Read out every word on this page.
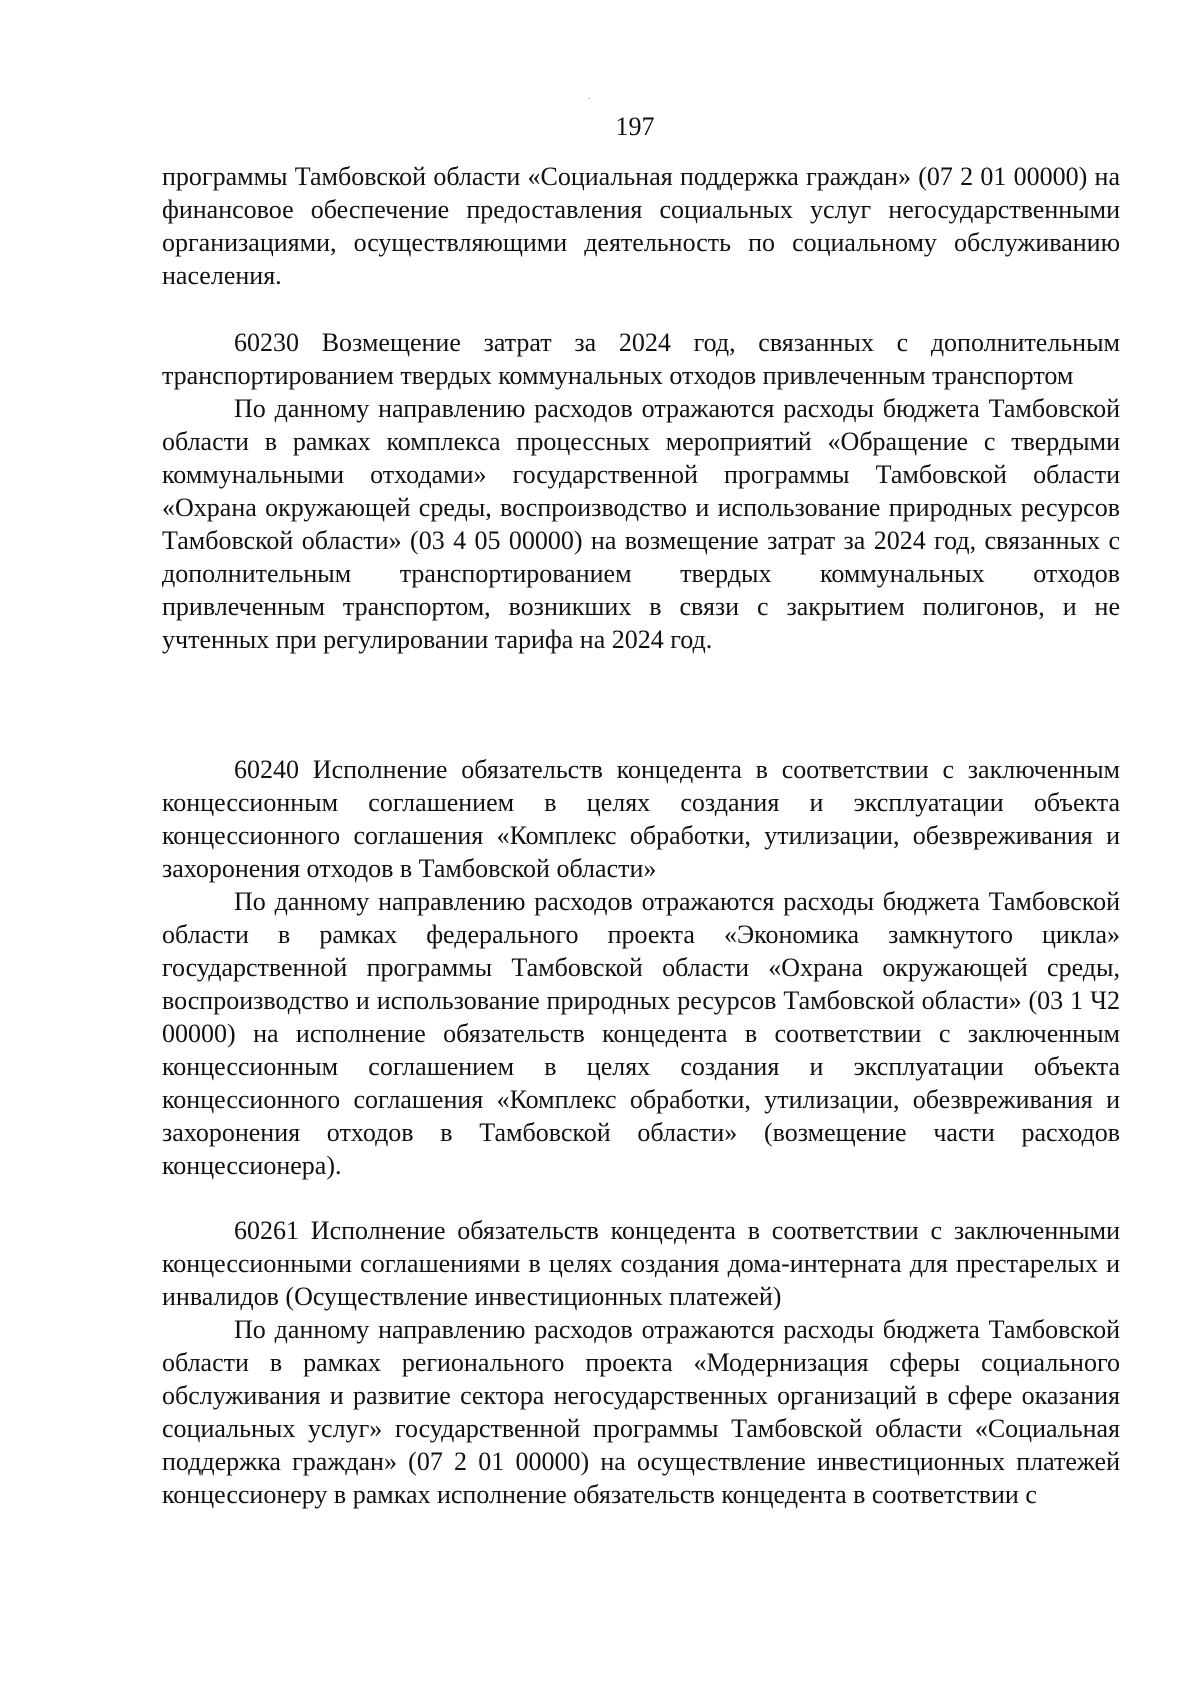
197

программы Тамбовской области «Социальная поддержка граждан» (07 2 01 00000) на финансовое обеспечение предоставления социальных услуг негосударственными организациями, осуществляющими деятельность по социальному обслуживанию населения.

60230 Возмещение затрат за 2024 год, связанных с дополнительным транспортированием твердых коммунальных отходов привлеченным транспортом

По данному направлению расходов отражаются расходы бюджета Тамбовской области в рамках комплекса процессных мероприятий «Обращение с твердыми коммунальными отходами» государственной программы Тамбовской области «Охрана окружающей среды, воспроизводство и использование природных ресурсов Тамбовской области» (03 4 05 00000) на возмещение затрат за 2024 год, связанных с дополнительным транспортированием твердых коммунальных отходов привлеченным транспортом, возникших в связи с закрытием полигонов, и не учтенных при регулировании тарифа на 2024 год.

60240 Исполнение обязательств концедента в соответствии с заключенным концессионным соглашением в целях создания и эксплуатации объекта концессионного соглашения «Комплекс обработки, утилизации, обезвреживания и захоронения отходов в Тамбовской области»

По данному направлению расходов отражаются расходы бюджета Тамбовской области в рамках федерального проекта «Экономика замкнутого цикла» государственной программы Тамбовской области «Охрана окружающей среды, воспроизводство и использование природных ресурсов Тамбовской области» (03 1 Ч2 00000) на исполнение обязательств концедента в соответствии с заключенным концессионным соглашением в целях создания и эксплуатации объекта концессионного соглашения «Комплекс обработки, утилизации, обезвреживания и захоронения отходов в Тамбовской области» (возмещение части расходов концессионера).

60261 Исполнение обязательств концедента в соответствии с заключенными концессионными соглашениями в целях создания дома-интерната для престарелых и инвалидов (Осуществление инвестиционных платежей)

По данному направлению расходов отражаются расходы бюджета Тамбовской области в рамках регионального проекта «Модернизация сферы социального обслуживания и развитие сектора негосударственных организаций в сфере оказания социальных услуг» государственной программы Тамбовской области «Социальная поддержка граждан» (07 2 01 00000) на осуществление инвестиционных платежей концессионеру в рамках исполнение обязательств концедента в соответствии с
